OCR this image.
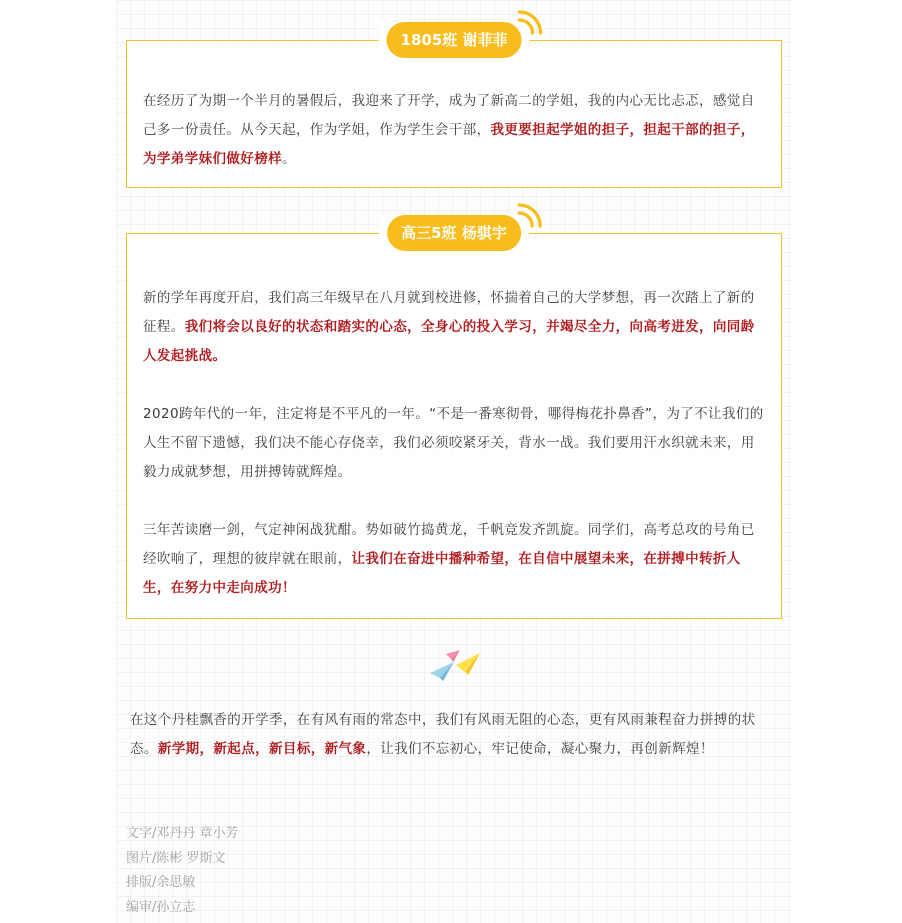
1805班 谢菲菲

在经历了为期一个半月的暑假后，我迎来了开学，成为了新高二的学姐，我的内心无比忐忑，感觉自己多一份责任。从今天起，作为学姐，作为学生会干部，我更要担起学姐的担子，担起干部的担子，为学弟学妹们做好榜样。

高三5班 杨骐宇

新的学年再度开启，我们高三年级早在八月就到校进修，怀揣着自己的大学梦想，再一次踏上了新的征程。我们将会以良好的状态和踏实的心态，全身心的投入学习，并竭尽全力，向高考进发，向同龄人发起挑战。

2020跨年代的一年，注定将是不平凡的一年。“不是一番寒彻骨，哪得梅花扑鼻香”，为了不让我们的人生不留下遗憾，我们决不能心存侥幸，我们必须咬紧牙关，背水一战。我们要用汗水织就未来，用毅力成就梦想，用拼搏铸就辉煌。

三年苦读磨一剑，气定神闲战犹酣。势如破竹捣黄龙，千帆竞发齐凯旋。同学们，高考总攻的号角已经吹响了，理想的彼岸就在眼前，让我们在奋进中播种希望，在自信中展望未来，在拼搏中转折人生，在努力中走向成功！

在这个丹桂飘香的开学季，在有风有雨的常态中，我们有风雨无阻的心态，更有风雨兼程奋力拼搏的状态。新学期，新起点，新目标，新气象，让我们不忘初心，牢记使命，凝心聚力，再创新辉煌！
文字/邓丹丹 章小芳
图片/陈彬 罗斯文
排版/余思敏
编审/孙立志
